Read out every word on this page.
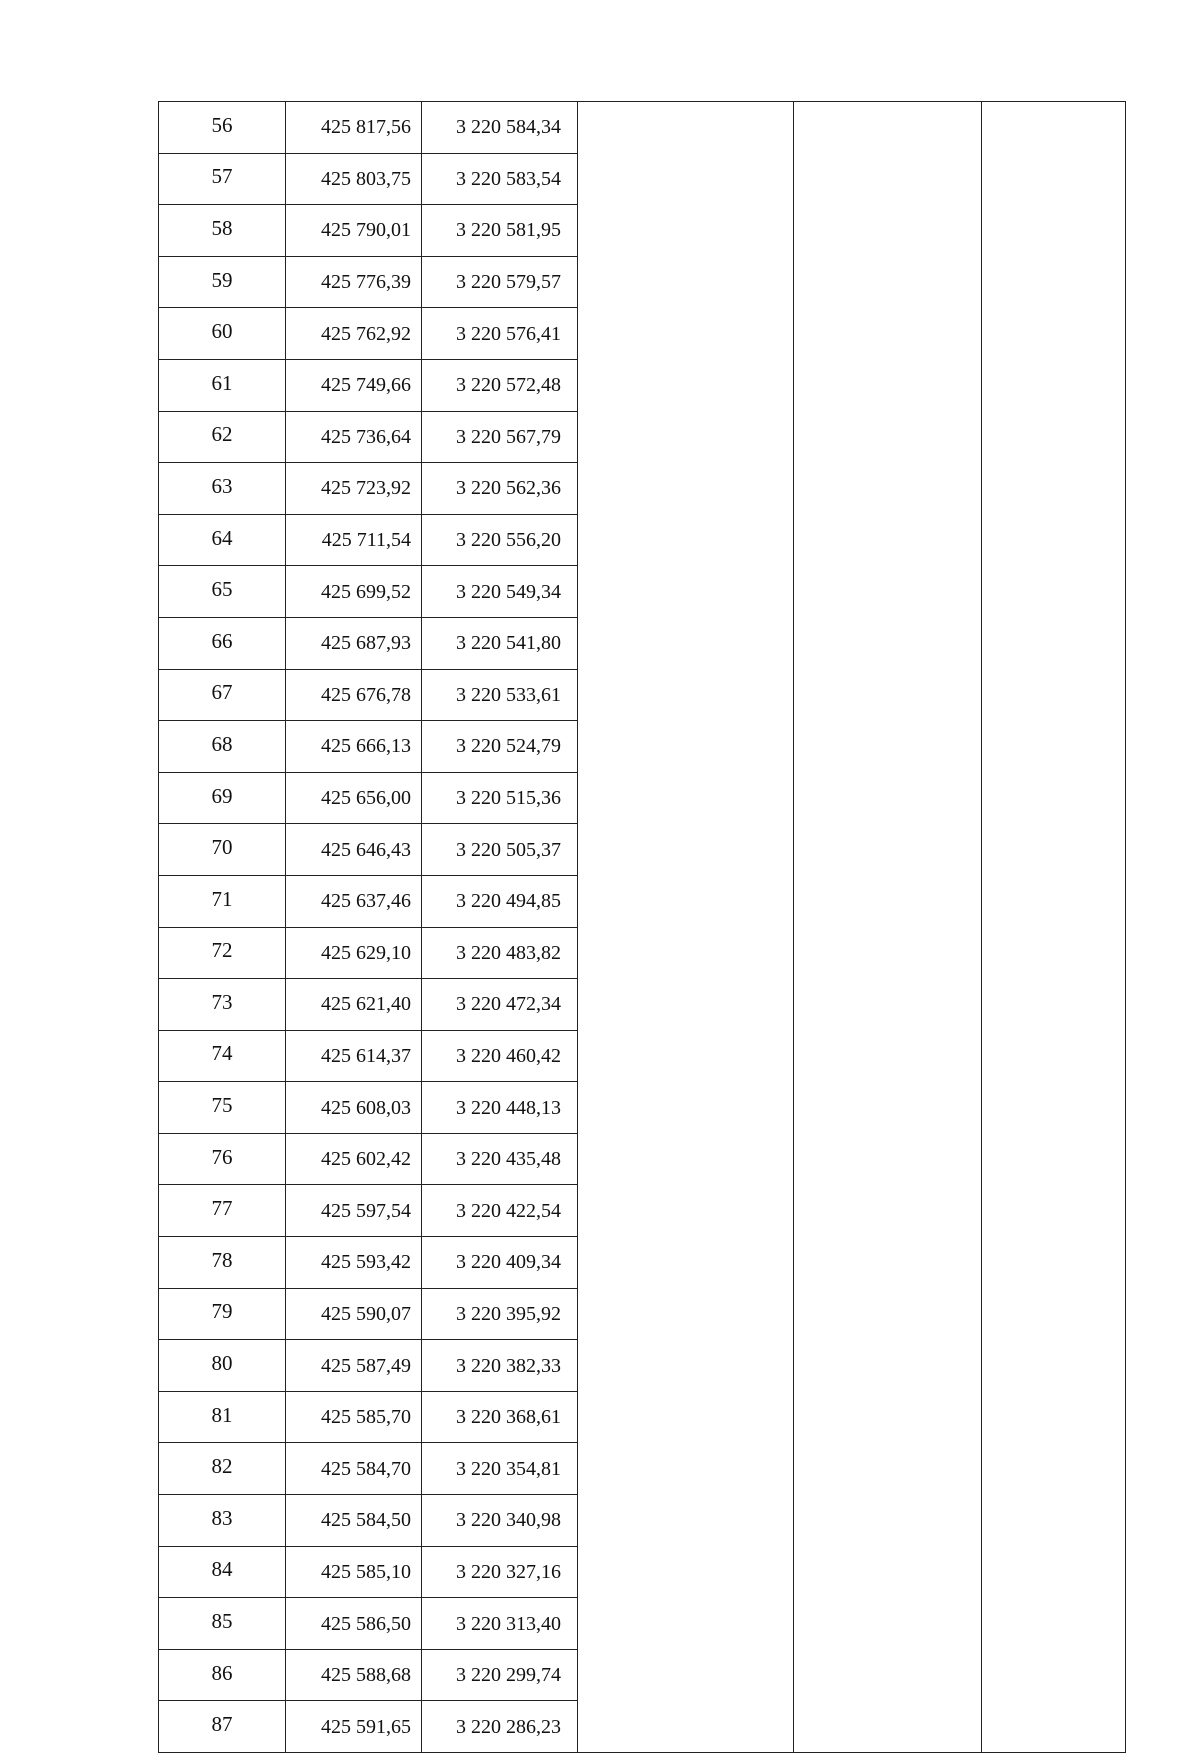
56	425 817,56	3 220 584,34			
57	425 803,75	3 220 583,54			
58	425 790,01	3 220 581,95			
59	425 776,39	3 220 579,57			
60	425 762,92	3 220 576,41			
61	425 749,66	3 220 572,48			
62	425 736,64	3 220 567,79			
63	425 723,92	3 220 562,36			
64	425 711,54	3 220 556,20			
65	425 699,52	3 220 549,34			
66	425 687,93	3 220 541,80			
67	425 676,78	3 220 533,61			
68	425 666,13	3 220 524,79			
69	425 656,00	3 220 515,36			
70	425 646,43	3 220 505,37			
71	425 637,46	3 220 494,85			
72	425 629,10	3 220 483,82			
73	425 621,40	3 220 472,34			
74	425 614,37	3 220 460,42			
75	425 608,03	3 220 448,13			
76	425 602,42	3 220 435,48			
77	425 597,54	3 220 422,54			
78	425 593,42	3 220 409,34			
79	425 590,07	3 220 395,92			
80	425 587,49	3 220 382,33			
81	425 585,70	3 220 368,61			
82	425 584,70	3 220 354,81			
83	425 584,50	3 220 340,98			
84	425 585,10	3 220 327,16			
85	425 586,50	3 220 313,40			
86	425 588,68	3 220 299,74			
87	425 591,65	3 220 286,23			
